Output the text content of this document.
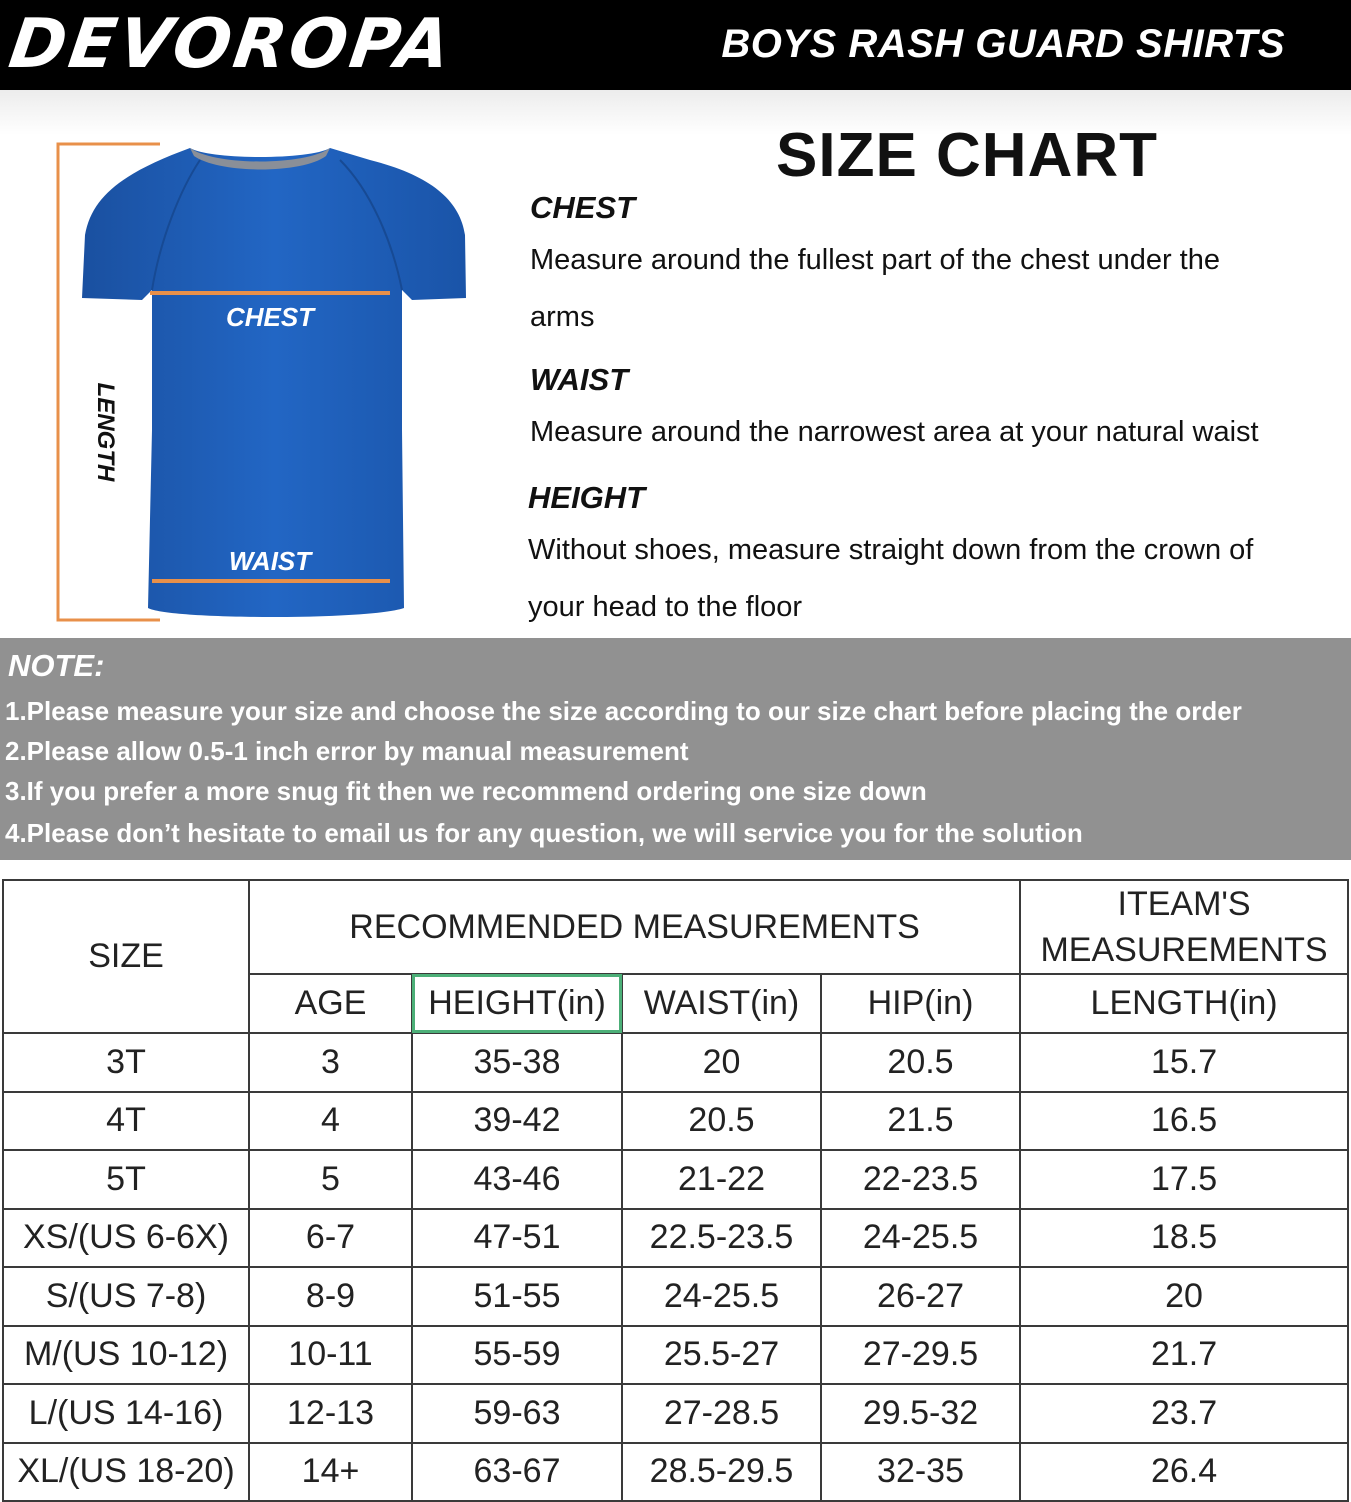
DEVOROPA	BOYS RASH GUARD SHIRTS
SIZE CHART
CHEST
WAIST
LENGTH
CHEST
Measure around the fullest part of the chest under the
arms
WAIST
Measure around the narrowest area at your natural waist
HEIGHT
Without shoes, measure straight down from the crown of
your head to the floor
NOTE:
1.Please measure your size and choose the size according to our size chart before placing the order
2.Please allow 0.5-1 inch error by manual measurement
3.If you prefer a more snug fit then we recommend ordering one size down
4.Please don’t hesitate to email us for any question, we will service you for the solution
SIZE	RECOMMENDED MEASUREMENTS				ITEAM'S
MEASUREMENTS

	AGE	HEIGHT(in)	WAIST(in)	HIP(in)	LENGTH(in)
3T	3	35-38	20	20.5	15.7
4T	4	39-42	20.5	21.5	16.5
5T	5	43-46	21-22	22-23.5	17.5
XS/(US 6-6X)	6-7	47-51	22.5-23.5	24-25.5	18.5
S/(US 7-8)	8-9	51-55	24-25.5	26-27	20
M/(US 10-12)	10-11	55-59	25.5-27	27-29.5	21.7
L/(US 14-16)	12-13	59-63	27-28.5	29.5-32	23.7
XL/(US 18-20)	14+	63-67	28.5-29.5	32-35	26.4
